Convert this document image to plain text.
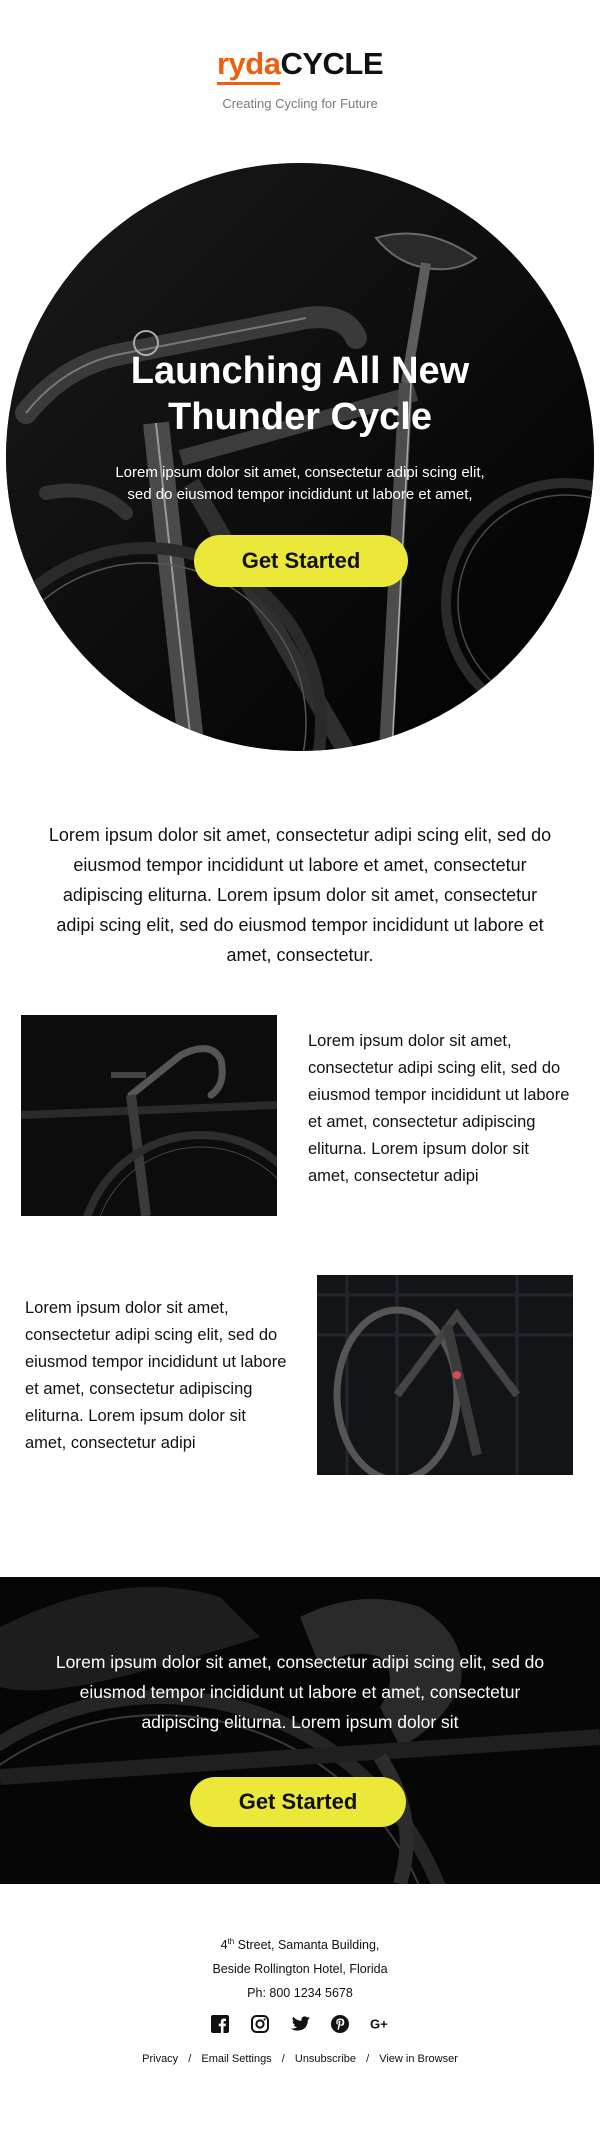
rydaCYCLE
Creating Cycling for Future
Launching All New
Thunder Cycle
Lorem ipsum dolor sit amet, consectetur adipi scing elit,
sed do eiusmod tempor incididunt ut labore et amet,
Get Started
Lorem ipsum dolor sit amet, consectetur adipi scing elit, sed do eiusmod tempor incididunt ut labore et amet, consectetur adipiscing eliturna. Lorem ipsum dolor sit amet, consectetur adipi scing elit, sed do eiusmod tempor incididunt ut labore et amet, consectetur.
Lorem ipsum dolor sit amet, consectetur adipi scing elit, sed do eiusmod tempor incididunt ut labore et amet, consectetur adipiscing eliturna. Lorem ipsum dolor sit amet, consectetur adipi
Lorem ipsum dolor sit amet, consectetur adipi scing elit, sed do eiusmod tempor incididunt ut labore et amet, consectetur adipiscing eliturna. Lorem ipsum dolor sit amet, consectetur adipi
Lorem ipsum dolor sit amet, consectetur adipi scing elit, sed do eiusmod tempor incididunt ut labore et amet, consectetur adipiscing eliturna. Lorem ipsum dolor sit
Get Started
4th Street, Samanta Building,
Beside Rollington Hotel, Florida
Ph: 800 1234 5678
G+
Privacy / Email Settings / Unsubscribe / View in Browser
